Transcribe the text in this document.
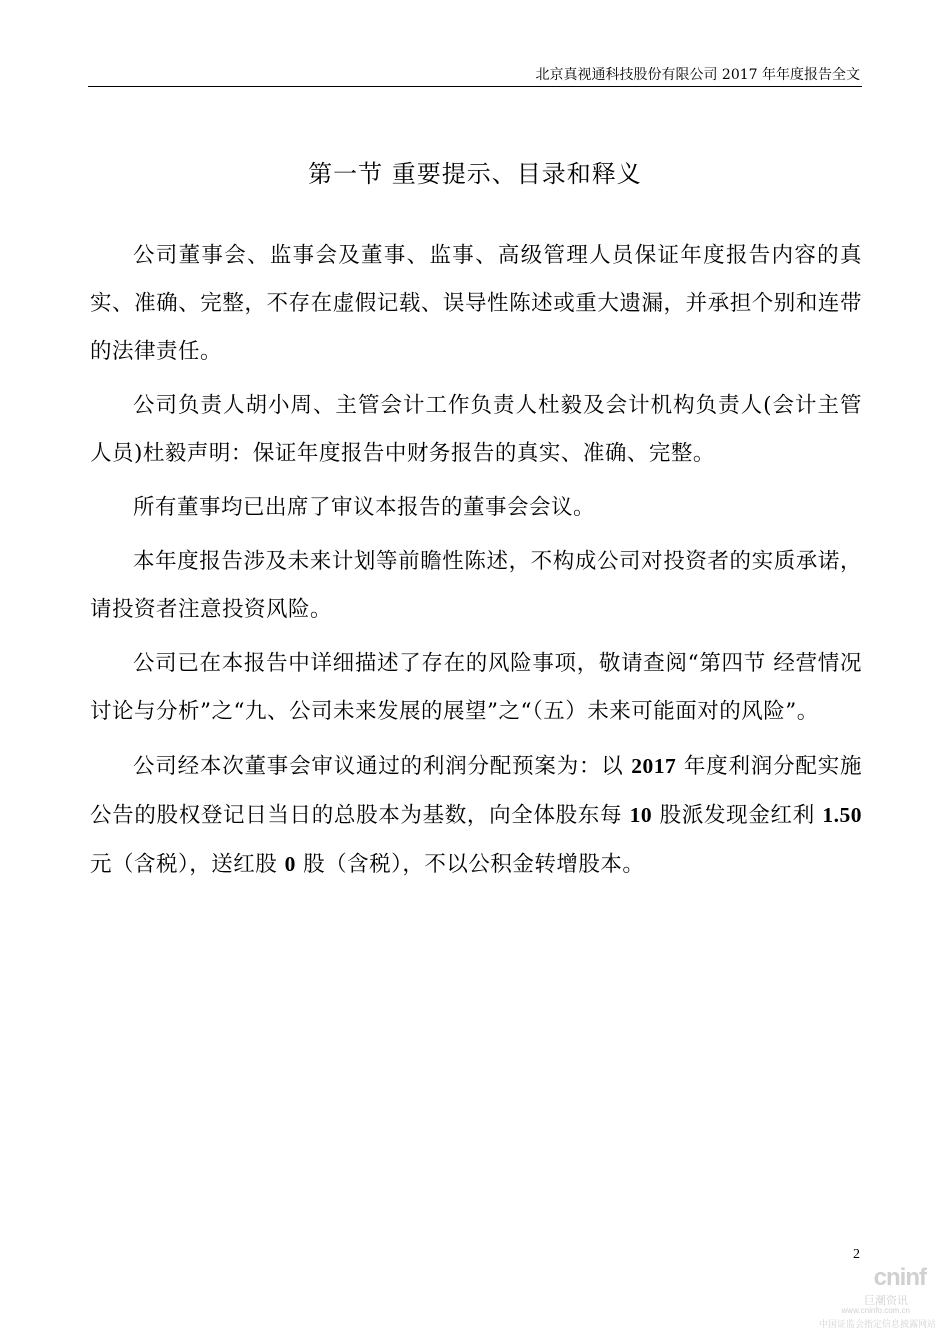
北京真视通科技股份有限公司 2017 年年度报告全文
第一节 重要提示、目录和释义

公司董事会、监事会及董事、监事、高级管理人员保证年度报告内容的真实、准确、完整，不存在虚假记载、误导性陈述或重大遗漏，并承担个别和连带的法律责任。

公司负责人胡小周、主管会计工作负责人杜毅及会计机构负责人(会计主管人员)杜毅声明：保证年度报告中财务报告的真实、准确、完整。

所有董事均已出席了审议本报告的董事会会议。

本年度报告涉及未来计划等前瞻性陈述，不构成公司对投资者的实质承诺，请投资者注意投资风险。

公司已在本报告中详细描述了存在的风险事项，敬请查阅“第四节 经营情况讨论与分析”之“九、公司未来发展的展望”之“（五）未来可能面对的风险”。

公司经本次董事会审议通过的利润分配预案为：以 2017 年度利润分配实施公告的股权登记日当日的总股本为基数，向全体股东每 10 股派发现金红利 1.50 元（含税），送红股 0 股（含税），不以公积金转增股本。

2
cninf
巨潮资讯
www.cninfo.com.cn
中国证监会指定信息披露网站
